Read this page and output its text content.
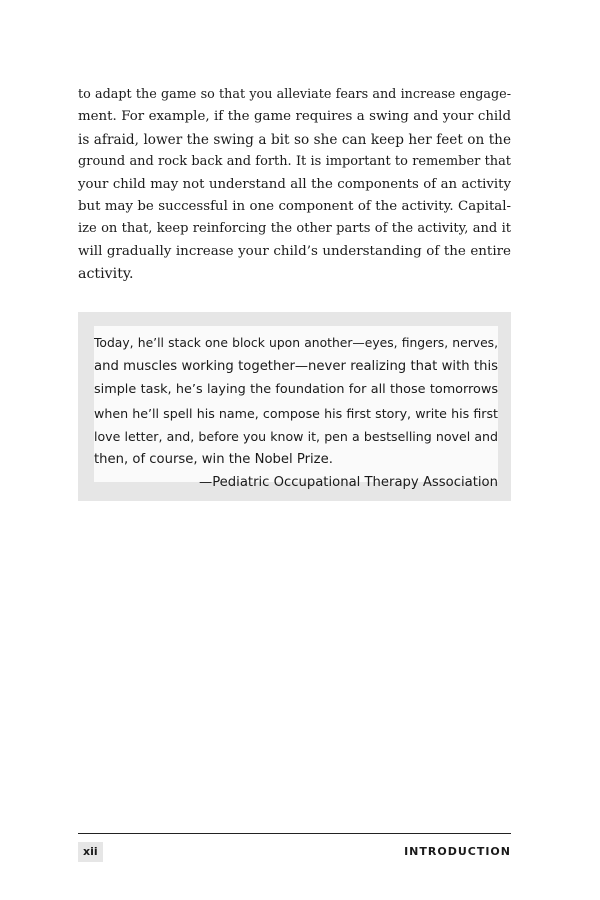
to adapt the game so that you alleviate fears and increase engage-
ment. For example, if the game requires a swing and your child
is afraid, lower the swing a bit so she can keep her feet on the
ground and rock back and forth. It is important to remember that
your child may not understand all the components of an activity
but may be successful in one component of the activity. Capital-
ize on that, keep reinforcing the other parts of the activity, and it
will gradually increase your child’s understanding of the entire
activity.
Today, he’ll stack one block upon another—eyes, fingers, nerves,
and muscles working together—never realizing that with this
simple task, he’s laying the foundation for all those tomorrows
when he’ll spell his name, compose his first story, write his first
love letter, and, before you know it, pen a bestselling novel and
then, of course, win the Nobel Prize.
—Pediatric Occupational Therapy Association
xii	INTRODUCTION
